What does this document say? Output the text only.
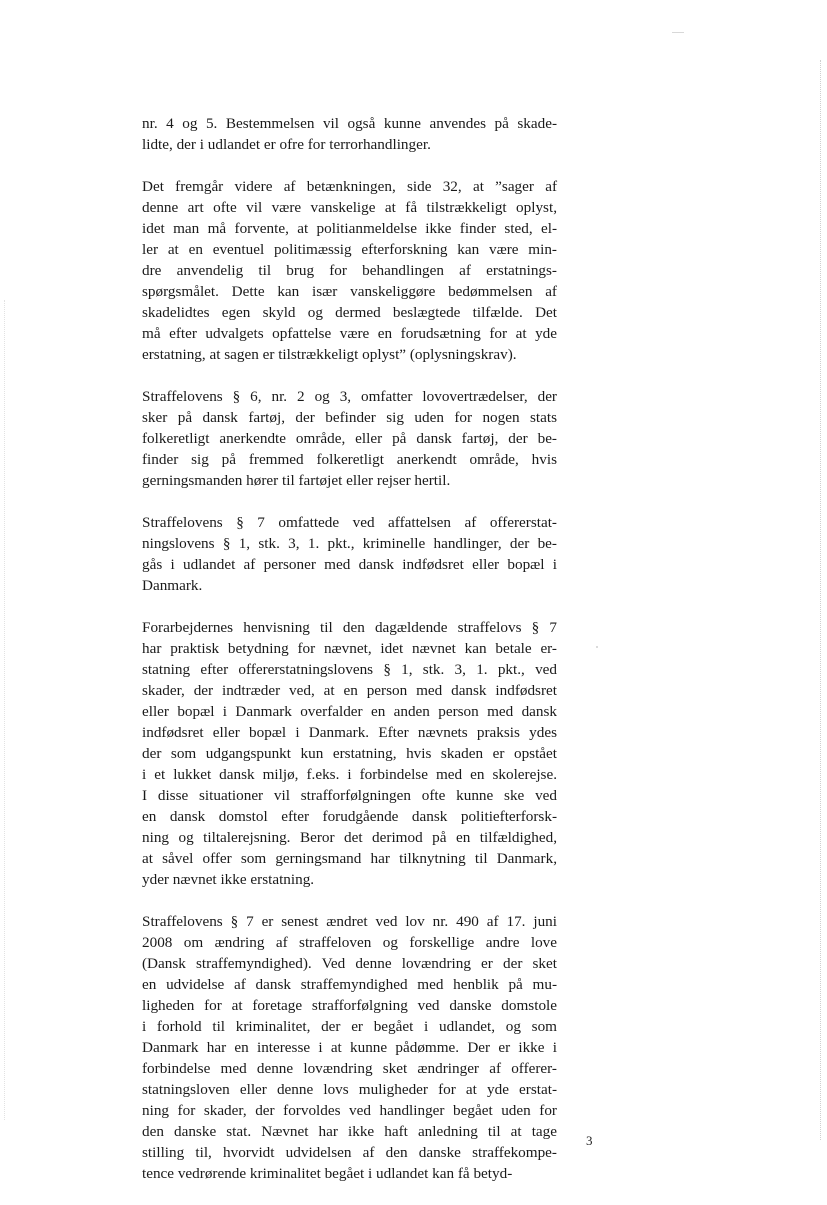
nr. 4 og 5. Bestemmelsen vil også kunne anvendes på skade-
lidte, der i udlandet er ofre for terrorhandlinger.

Det fremgår videre af betænkningen, side 32, at ”sager af
denne art ofte vil være vanskelige at få tilstrækkeligt oplyst,
idet man må forvente, at politianmeldelse ikke finder sted, el-
ler at en eventuel politimæssig efterforskning kan være min-
dre anvendelig til brug for behandlingen af erstatnings-
spørgsmålet. Dette kan især vanskeliggøre bedømmelsen af
skadelidtes egen skyld og dermed beslægtede tilfælde. Det
må efter udvalgets opfattelse være en forudsætning for at yde
erstatning, at sagen er tilstrækkeligt oplyst” (oplysningskrav).

Straffelovens § 6, nr. 2 og 3, omfatter lovovertrædelser, der
sker på dansk fartøj, der befinder sig uden for nogen stats
folkeretligt anerkendte område, eller på dansk fartøj, der be-
finder sig på fremmed folkeretligt anerkendt område, hvis
gerningsmanden hører til fartøjet eller rejser hertil.

Straffelovens § 7 omfattede ved affattelsen af offererstat-
ningslovens § 1, stk. 3, 1. pkt., kriminelle handlinger, der be-
gås i udlandet af personer med dansk indfødsret eller bopæl i
Danmark.

Forarbejdernes henvisning til den dagældende straffelovs § 7
har praktisk betydning for nævnet, idet nævnet kan betale er-
statning efter offererstatningslovens § 1, stk. 3, 1. pkt., ved
skader, der indtræder ved, at en person med dansk indfødsret
eller bopæl i Danmark overfalder en anden person med dansk
indfødsret eller bopæl i Danmark. Efter nævnets praksis ydes
der som udgangspunkt kun erstatning, hvis skaden er opstået
i et lukket dansk miljø, f.eks. i forbindelse med en skolerejse.
I disse situationer vil strafforfølgningen ofte kunne ske ved
en dansk domstol efter forudgående dansk politiefterforsk-
ning og tiltalerejsning. Beror det derimod på en tilfældighed,
at såvel offer som gerningsmand har tilknytning til Danmark,
yder nævnet ikke erstatning.

Straffelovens § 7 er senest ændret ved lov nr. 490 af 17. juni
2008 om ændring af straffeloven og forskellige andre love
(Dansk straffemyndighed). Ved denne lovændring er der sket
en udvidelse af dansk straffemyndighed med henblik på mu-
ligheden for at foretage strafforfølgning ved danske domstole
i forhold til kriminalitet, der er begået i udlandet, og som
Danmark har en interesse i at kunne pådømme. Der er ikke i
forbindelse med denne lovændring sket ændringer af offerer-
statningsloven eller denne lovs muligheder for at yde erstat-
ning for skader, der forvoldes ved handlinger begået uden for
den danske stat. Nævnet har ikke haft anledning til at tage
stilling til, hvorvidt udvidelsen af den danske straffekompe-
tence vedrørende kriminalitet begået i udlandet kan få betyd-

3
